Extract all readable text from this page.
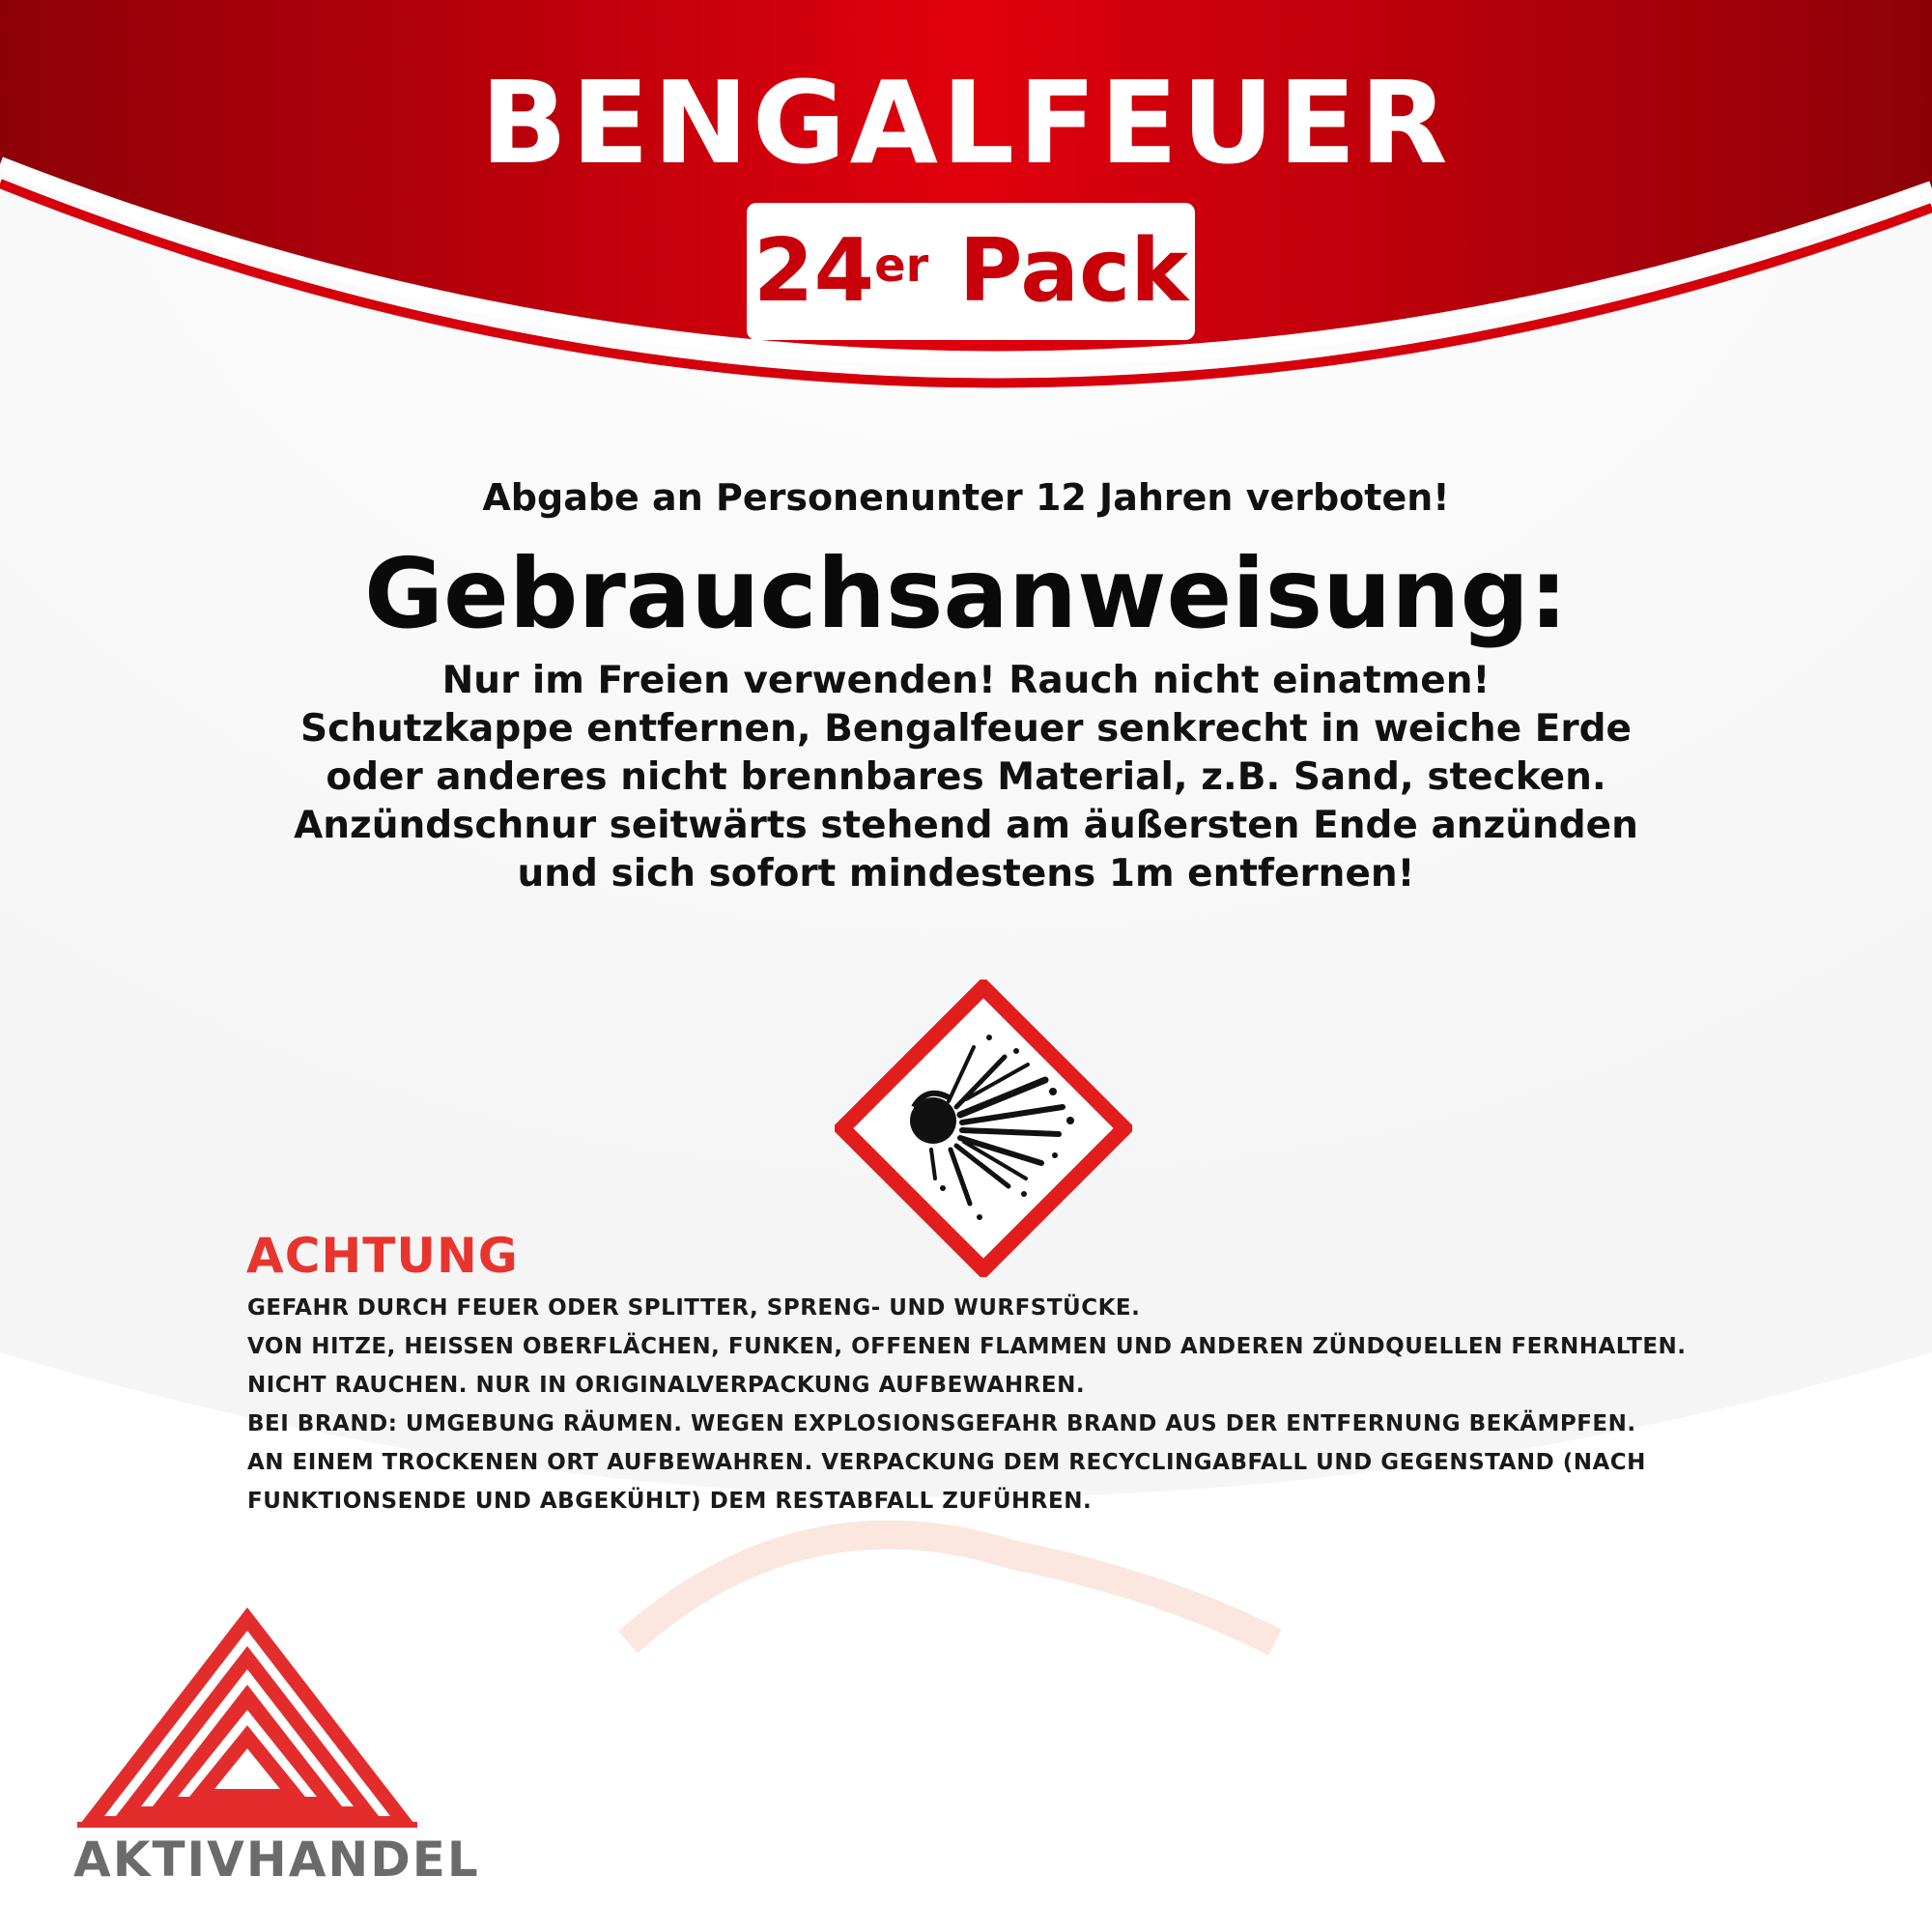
BENGALFEUER
24er Pack
Abgabe an Personenunter 12 Jahren verboten!
Gebrauchsanweisung:
Nur im Freien verwenden! Rauch nicht einatmen!
Schutzkappe entfernen, Bengalfeuer senkrecht in weiche Erde
oder anderes nicht brennbares Material, z.B. Sand, stecken.
Anzündschnur seitwärts stehend am äußersten Ende anzünden
und sich sofort mindestens 1m entfernen!
ACHTUNG
GEFAHR DURCH FEUER ODER SPLITTER, SPRENG- UND WURFSTÜCKE.
VON HITZE, HEISSEN OBERFLÄCHEN, FUNKEN, OFFENEN FLAMMEN UND ANDEREN ZÜNDQUELLEN FERNHALTEN.
NICHT RAUCHEN. NUR IN ORIGINALVERPACKUNG AUFBEWAHREN.
BEI BRAND: UMGEBUNG RÄUMEN. WEGEN EXPLOSIONSGEFAHR BRAND AUS DER ENTFERNUNG BEKÄMPFEN.
AN EINEM TROCKENEN ORT AUFBEWAHREN. VERPACKUNG DEM RECYCLINGABFALL UND GEGENSTAND (NACH
FUNKTIONSENDE UND ABGEKÜHLT) DEM RESTABFALL ZUFÜHREN.
AKTIVHANDEL
